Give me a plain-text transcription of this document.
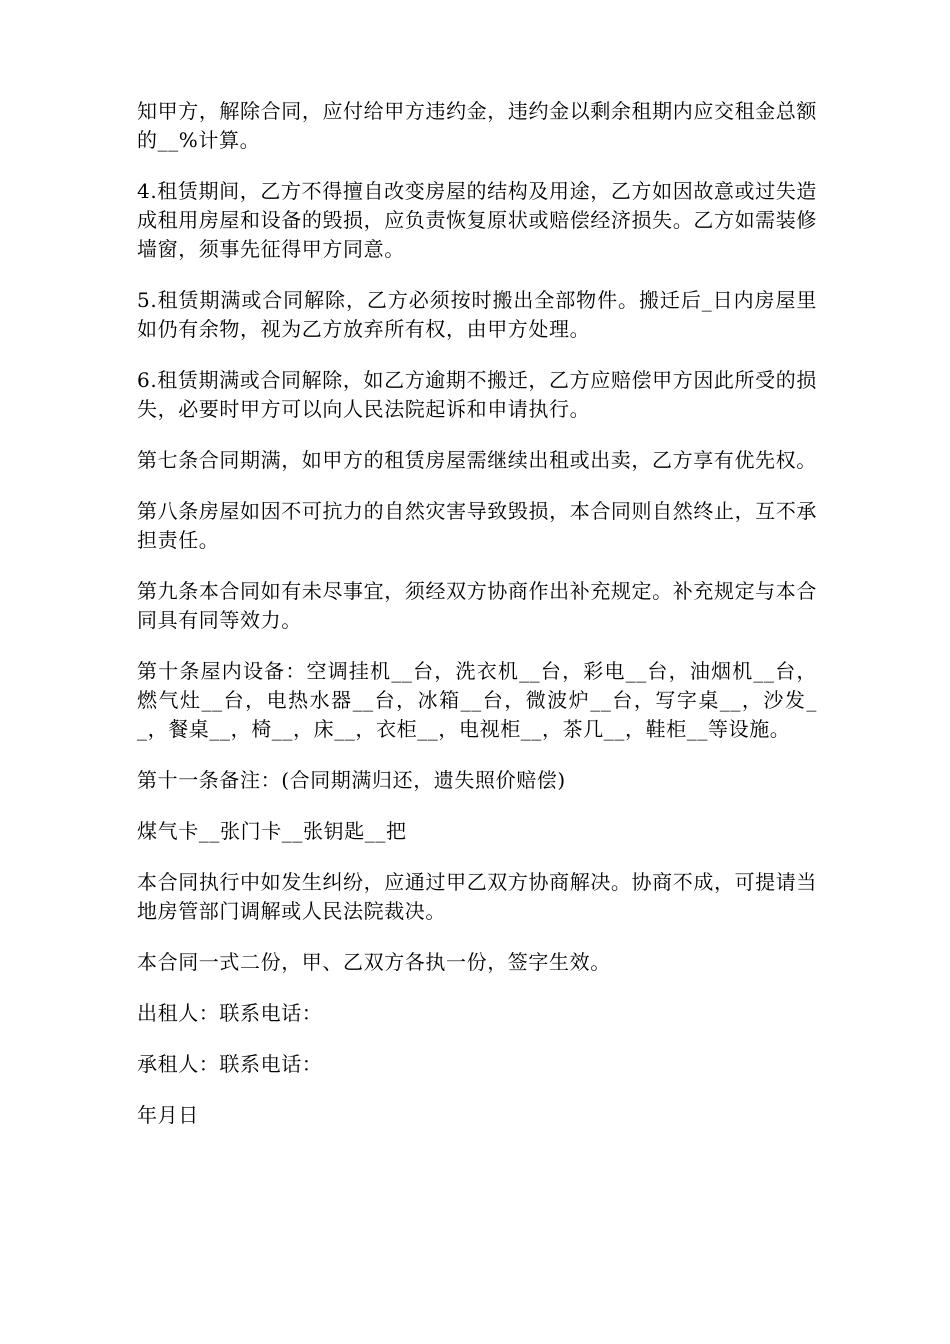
知甲方，解除合同，应付给甲方违约金，违约金以剩余租期内应交租金总额的__%计算。

4.租赁期间，乙方不得擅自改变房屋的结构及用途，乙方如因故意或过失造成租用房屋和设备的毁损，应负责恢复原状或赔偿经济损失。乙方如需装修墙窗，须事先征得甲方同意。

5.租赁期满或合同解除，乙方必须按时搬出全部物件。搬迁后_日内房屋里如仍有余物，视为乙方放弃所有权，由甲方处理。

6.租赁期满或合同解除，如乙方逾期不搬迁，乙方应赔偿甲方因此所受的损失，必要时甲方可以向人民法院起诉和申请执行。

第七条合同期满，如甲方的租赁房屋需继续出租或出卖，乙方享有优先权。

第八条房屋如因不可抗力的自然灾害导致毁损，本合同则自然终止，互不承担责任。

第九条本合同如有未尽事宜，须经双方协商作出补充规定。补充规定与本合同具有同等效力。

第十条屋内设备：空调挂机__台，洗衣机__台，彩电__台，油烟机__台，燃气灶__台，电热水器__台，冰箱__台，微波炉__台，写字桌__，沙发__，餐桌__，椅__，床__，衣柜__，电视柜__，茶几__，鞋柜__等设施。

第十一条备注：(合同期满归还，遗失照价赔偿)

煤气卡__张门卡__张钥匙__把

本合同执行中如发生纠纷，应通过甲乙双方协商解决。协商不成，可提请当地房管部门调解或人民法院裁决。

本合同一式二份，甲、乙双方各执一份，签字生效。

出租人：联系电话：

承租人：联系电话：

年月日
